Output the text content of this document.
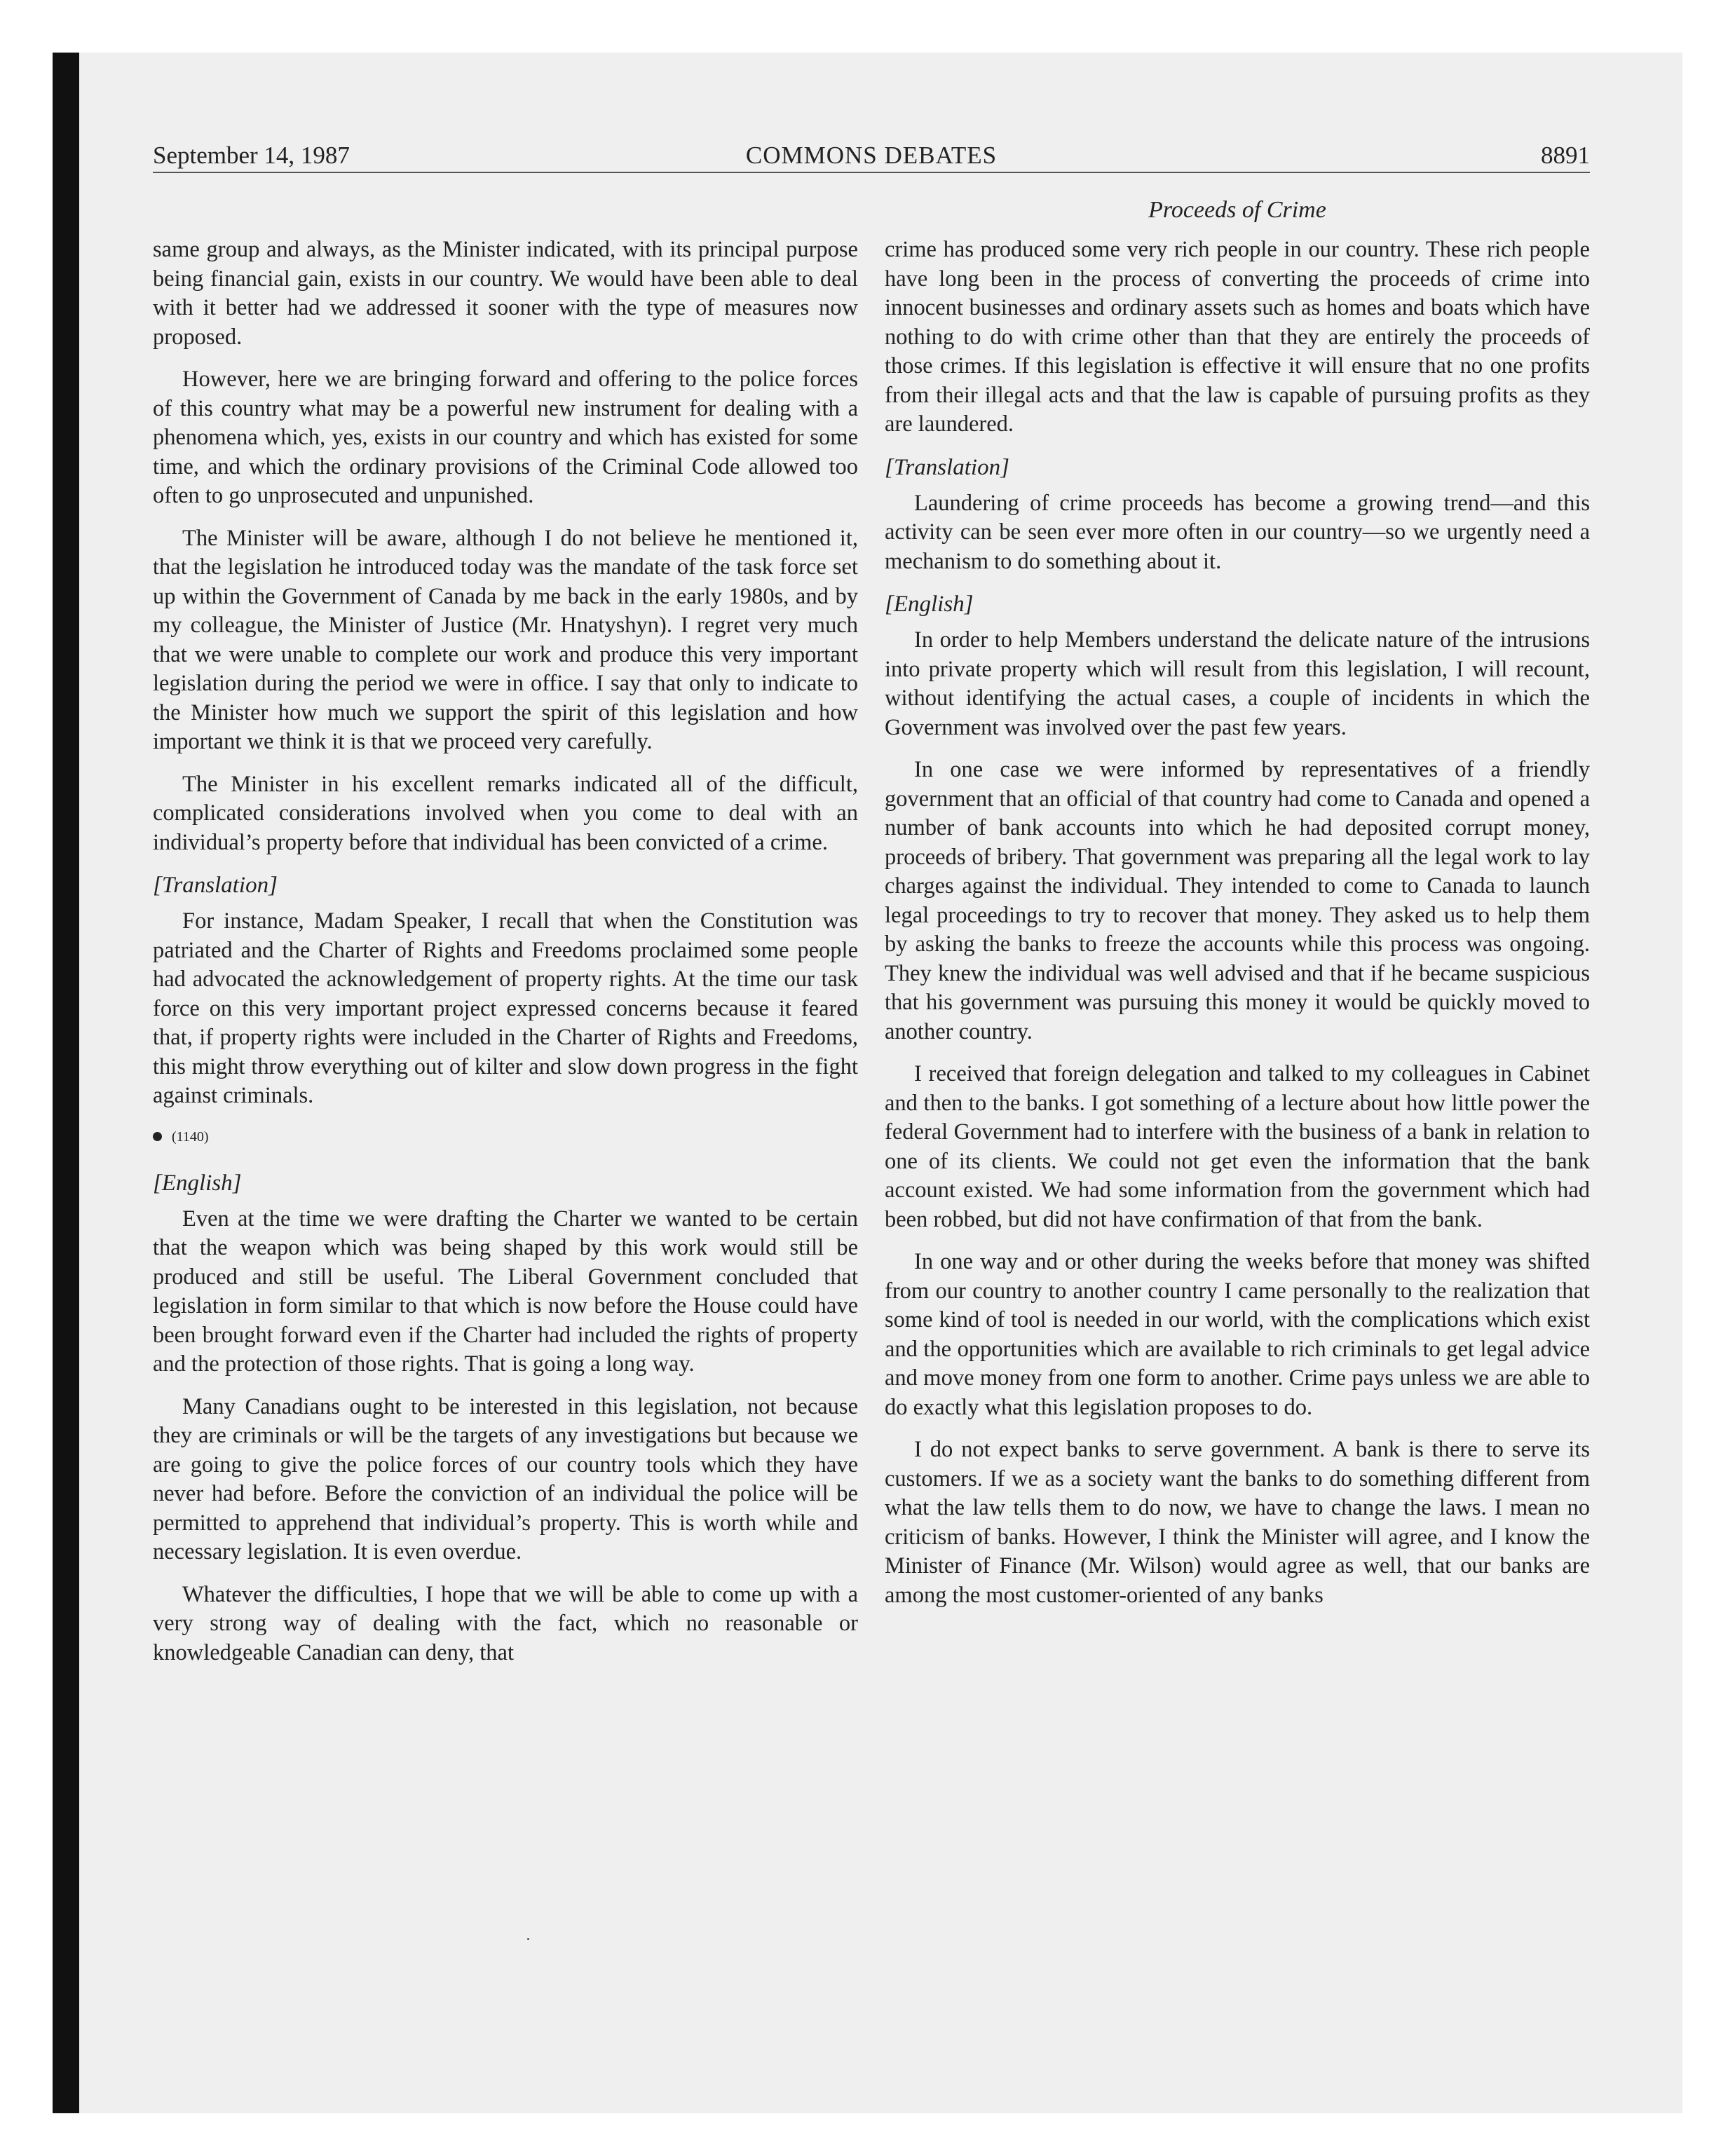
September 14, 1987	COMMONS DEBATES	8891
Proceeds of Crime

same group and always, as the Minister indicated, with its principal purpose being financial gain, exists in our country. We would have been able to deal with it better had we addressed it sooner with the type of measures now proposed.

However, here we are bringing forward and offering to the police forces of this country what may be a powerful new instrument for dealing with a phenomena which, yes, exists in our country and which has existed for some time, and which the ordinary provisions of the Criminal Code allowed too often to go unprosecuted and unpunished.

The Minister will be aware, although I do not believe he mentioned it, that the legislation he introduced today was the mandate of the task force set up within the Government of Canada by me back in the early 1980s, and by my colleague, the Minister of Justice (Mr. Hnatyshyn). I regret very much that we were unable to complete our work and produce this very important legislation during the period we were in office. I say that only to indicate to the Minister how much we support the spirit of this legislation and how important we think it is that we proceed very carefully.

The Minister in his excellent remarks indicated all of the difficult, complicated considerations involved when you come to deal with an individual’s property before that individual has been convicted of a crime.

[Translation]

For instance, Madam Speaker, I recall that when the Constitution was patriated and the Charter of Rights and Freedoms proclaimed some people had advocated the acknowledgement of property rights. At the time our task force on this very important project expressed concerns because it feared that, if property rights were included in the Charter of Rights and Freedoms, this might throw everything out of kilter and slow down progress in the fight against criminals.

(1140)
[English]

Even at the time we were drafting the Charter we wanted to be certain that the weapon which was being shaped by this work would still be produced and still be useful. The Liberal Government concluded that legislation in form similar to that which is now before the House could have been brought forward even if the Charter had included the rights of property and the protection of those rights. That is going a long way.

Many Canadians ought to be interested in this legislation, not because they are criminals or will be the targets of any investigations but because we are going to give the police forces of our country tools which they have never had before. Before the conviction of an individual the police will be permitted to apprehend that individual’s property. This is worth while and necessary legislation. It is even overdue.

Whatever the difficulties, I hope that we will be able to come up with a very strong way of dealing with the fact, which no reasonable or knowledgeable Canadian can deny, that

crime has produced some very rich people in our country. These rich people have long been in the process of converting the proceeds of crime into innocent businesses and ordinary assets such as homes and boats which have nothing to do with crime other than that they are entirely the proceeds of those crimes. If this legislation is effective it will ensure that no one profits from their illegal acts and that the law is capable of pursuing profits as they are laundered.

[Translation]

Laundering of crime proceeds has become a growing trend—and this activity can be seen ever more often in our country—so we urgently need a mechanism to do something about it.

[English]

In order to help Members understand the delicate nature of the intrusions into private property which will result from this legislation, I will recount, without identifying the actual cases, a couple of incidents in which the Government was involved over the past few years.

In one case we were informed by representatives of a friendly government that an official of that country had come to Canada and opened a number of bank accounts into which he had deposited corrupt money, proceeds of bribery. That government was preparing all the legal work to lay charges against the individual. They intended to come to Canada to launch legal proceedings to try to recover that money. They asked us to help them by asking the banks to freeze the accounts while this process was ongoing. They knew the individual was well advised and that if he became suspicious that his government was pursuing this money it would be quickly moved to another country.

I received that foreign delegation and talked to my colleagues in Cabinet and then to the banks. I got something of a lecture about how little power the federal Government had to interfere with the business of a bank in relation to one of its clients. We could not get even the information that the bank account existed. We had some information from the government which had been robbed, but did not have confirmation of that from the bank.

In one way and or other during the weeks before that money was shifted from our country to another country I came personally to the realization that some kind of tool is needed in our world, with the complications which exist and the opportunities which are available to rich criminals to get legal advice and move money from one form to another. Crime pays unless we are able to do exactly what this legislation proposes to do.

I do not expect banks to serve government. A bank is there to serve its customers. If we as a society want the banks to do something different from what the law tells them to do now, we have to change the laws. I mean no criticism of banks. However, I think the Minister will agree, and I know the Minister of Finance (Mr. Wilson) would agree as well, that our banks are among the most customer-oriented of any banks
